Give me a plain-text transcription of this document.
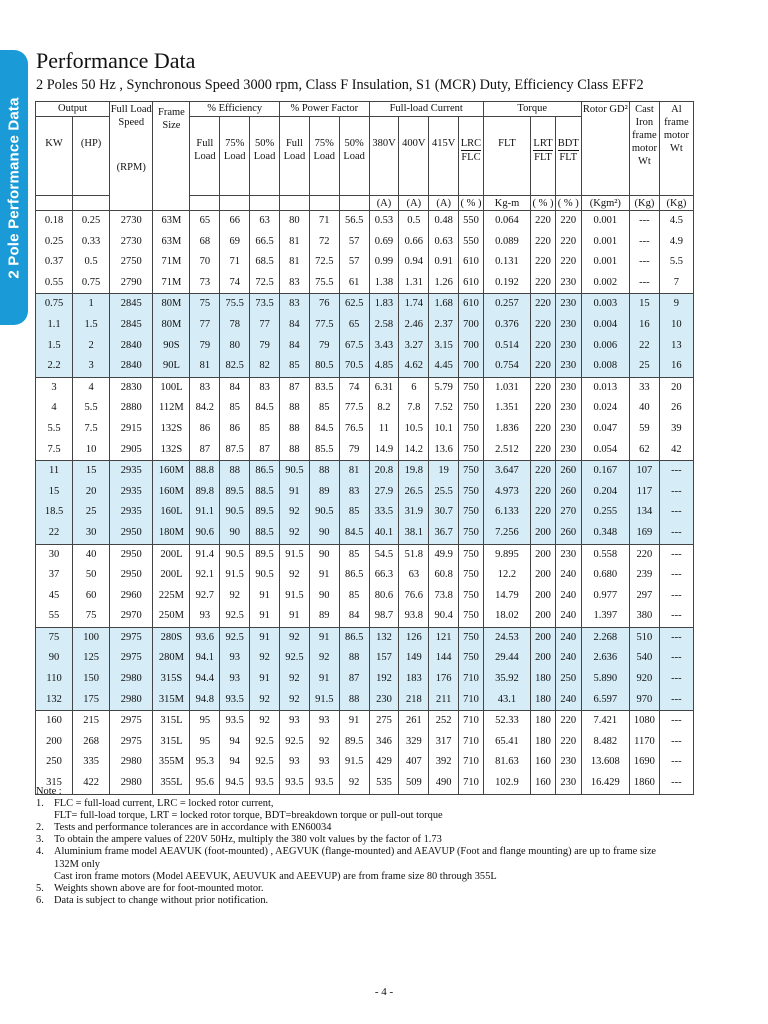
2 Pole Performance Data
Performance Data
2 Poles 50 Hz , Synchronous Speed 3000 rpm, Class F Insulation, S1 (MCR) Duty, Efficiency Class EFF2
Output		Full Load Speed
(RPM)	Frame Size	% Efficiency			% Power Factor			Full-load Current				Torque			Rotor GD²	Cast Iron frame motor Wt	Al frame motor Wt

KW	(HP)			Full Load	75% Load	50% Load	Full Load	75% Load	50% Load	380V	400V	415V	$\frac{\text{LRC}}{\text{FLC}}$	FLT	$\frac{\text{LRT}}{\text{FLT}}$	$\frac{\text{BDT}}{\text{FLT}}$
										(A)	(A)	(A)	( % )	Kg-m	( % )	( % )	(Kgm²)	(Kg)	(Kg)
0.18	0.25	2730	63M	65	66	63	80	71	56.5	0.53	0.5	0.48	550	0.064	220	220	0.001	---	4.5
0.25	0.33	2730	63M	68	69	66.5	81	72	57	0.69	0.66	0.63	550	0.089	220	220	0.001	---	4.9
0.37	0.5	2750	71M	70	71	68.5	81	72.5	57	0.99	0.94	0.91	610	0.131	220	220	0.001	---	5.5
0.55	0.75	2790	71M	73	74	72.5	83	75.5	61	1.38	1.31	1.26	610	0.192	220	230	0.002	---	7
0.75	1	2845	80M	75	75.5	73.5	83	76	62.5	1.83	1.74	1.68	610	0.257	220	230	0.003	15	9
1.1	1.5	2845	80M	77	78	77	84	77.5	65	2.58	2.46	2.37	700	0.376	220	230	0.004	16	10
1.5	2	2840	90S	79	80	79	84	79	67.5	3.43	3.27	3.15	700	0.514	220	230	0.006	22	13
2.2	3	2840	90L	81	82.5	82	85	80.5	70.5	4.85	4.62	4.45	700	0.754	220	230	0.008	25	16
3	4	2830	100L	83	84	83	87	83.5	74	6.31	6	5.79	750	1.031	220	230	0.013	33	20
4	5.5	2880	112M	84.2	85	84.5	88	85	77.5	8.2	7.8	7.52	750	1.351	220	230	0.024	40	26
5.5	7.5	2915	132S	86	86	85	88	84.5	76.5	11	10.5	10.1	750	1.836	220	230	0.047	59	39
7.5	10	2905	132S	87	87.5	87	88	85.5	79	14.9	14.2	13.6	750	2.512	220	230	0.054	62	42
11	15	2935	160M	88.8	88	86.5	90.5	88	81	20.8	19.8	19	750	3.647	220	260	0.167	107	---
15	20	2935	160M	89.8	89.5	88.5	91	89	83	27.9	26.5	25.5	750	4.973	220	260	0.204	117	---
18.5	25	2935	160L	91.1	90.5	89.5	92	90.5	85	33.5	31.9	30.7	750	6.133	220	270	0.255	134	---
22	30	2950	180M	90.6	90	88.5	92	90	84.5	40.1	38.1	36.7	750	7.256	200	260	0.348	169	---
30	40	2950	200L	91.4	90.5	89.5	91.5	90	85	54.5	51.8	49.9	750	9.895	200	230	0.558	220	---
37	50	2950	200L	92.1	91.5	90.5	92	91	86.5	66.3	63	60.8	750	12.2	200	240	0.680	239	---
45	60	2960	225M	92.7	92	91	91.5	90	85	80.6	76.6	73.8	750	14.79	200	240	0.977	297	---
55	75	2970	250M	93	92.5	91	91	89	84	98.7	93.8	90.4	750	18.02	200	240	1.397	380	---
75	100	2975	280S	93.6	92.5	91	92	91	86.5	132	126	121	750	24.53	200	240	2.268	510	---
90	125	2975	280M	94.1	93	92	92.5	92	88	157	149	144	750	29.44	200	240	2.636	540	---
110	150	2980	315S	94.4	93	91	92	91	87	192	183	176	710	35.92	180	250	5.890	920	---
132	175	2980	315M	94.8	93.5	92	92	91.5	88	230	218	211	710	43.1	180	240	6.597	970	---
160	215	2975	315L	95	93.5	92	93	93	91	275	261	252	710	52.33	180	220	7.421	1080	---
200	268	2975	315L	95	94	92.5	92.5	92	89.5	346	329	317	710	65.41	180	220	8.482	1170	---
250	335	2980	355M	95.3	94	92.5	93	93	91.5	429	407	392	710	81.63	160	230	13.608	1690	---
315	422	2980	355L	95.6	94.5	93.5	93.5	93.5	92	535	509	490	710	102.9	160	230	16.429	1860	---
Note :
1. FLC = full-load current, LRC = locked rotor current,
FLT= full-load torque, LRT = locked rotor torque, BDT=breakdown torque or pull-out torque
2. Tests and performance tolerances are in accordance with EN60034
3. To obtain the ampere values of 220V 50Hz, multiply the 380 volt values by the factor of 1.73
4. Aluminium frame model AEAVUK (foot-mounted) , AEGVUK (flange-mounted) and AEAVUP (Foot and flange mounting) are up to frame size
132M only
Cast iron frame motors (Model AEEVUK, AEUVUK and AEEVUP) are from frame size 80 through 355L
5. Weights shown above are for foot-mounted motor.
6. Data is subject to change without prior notification.
- 4 -
